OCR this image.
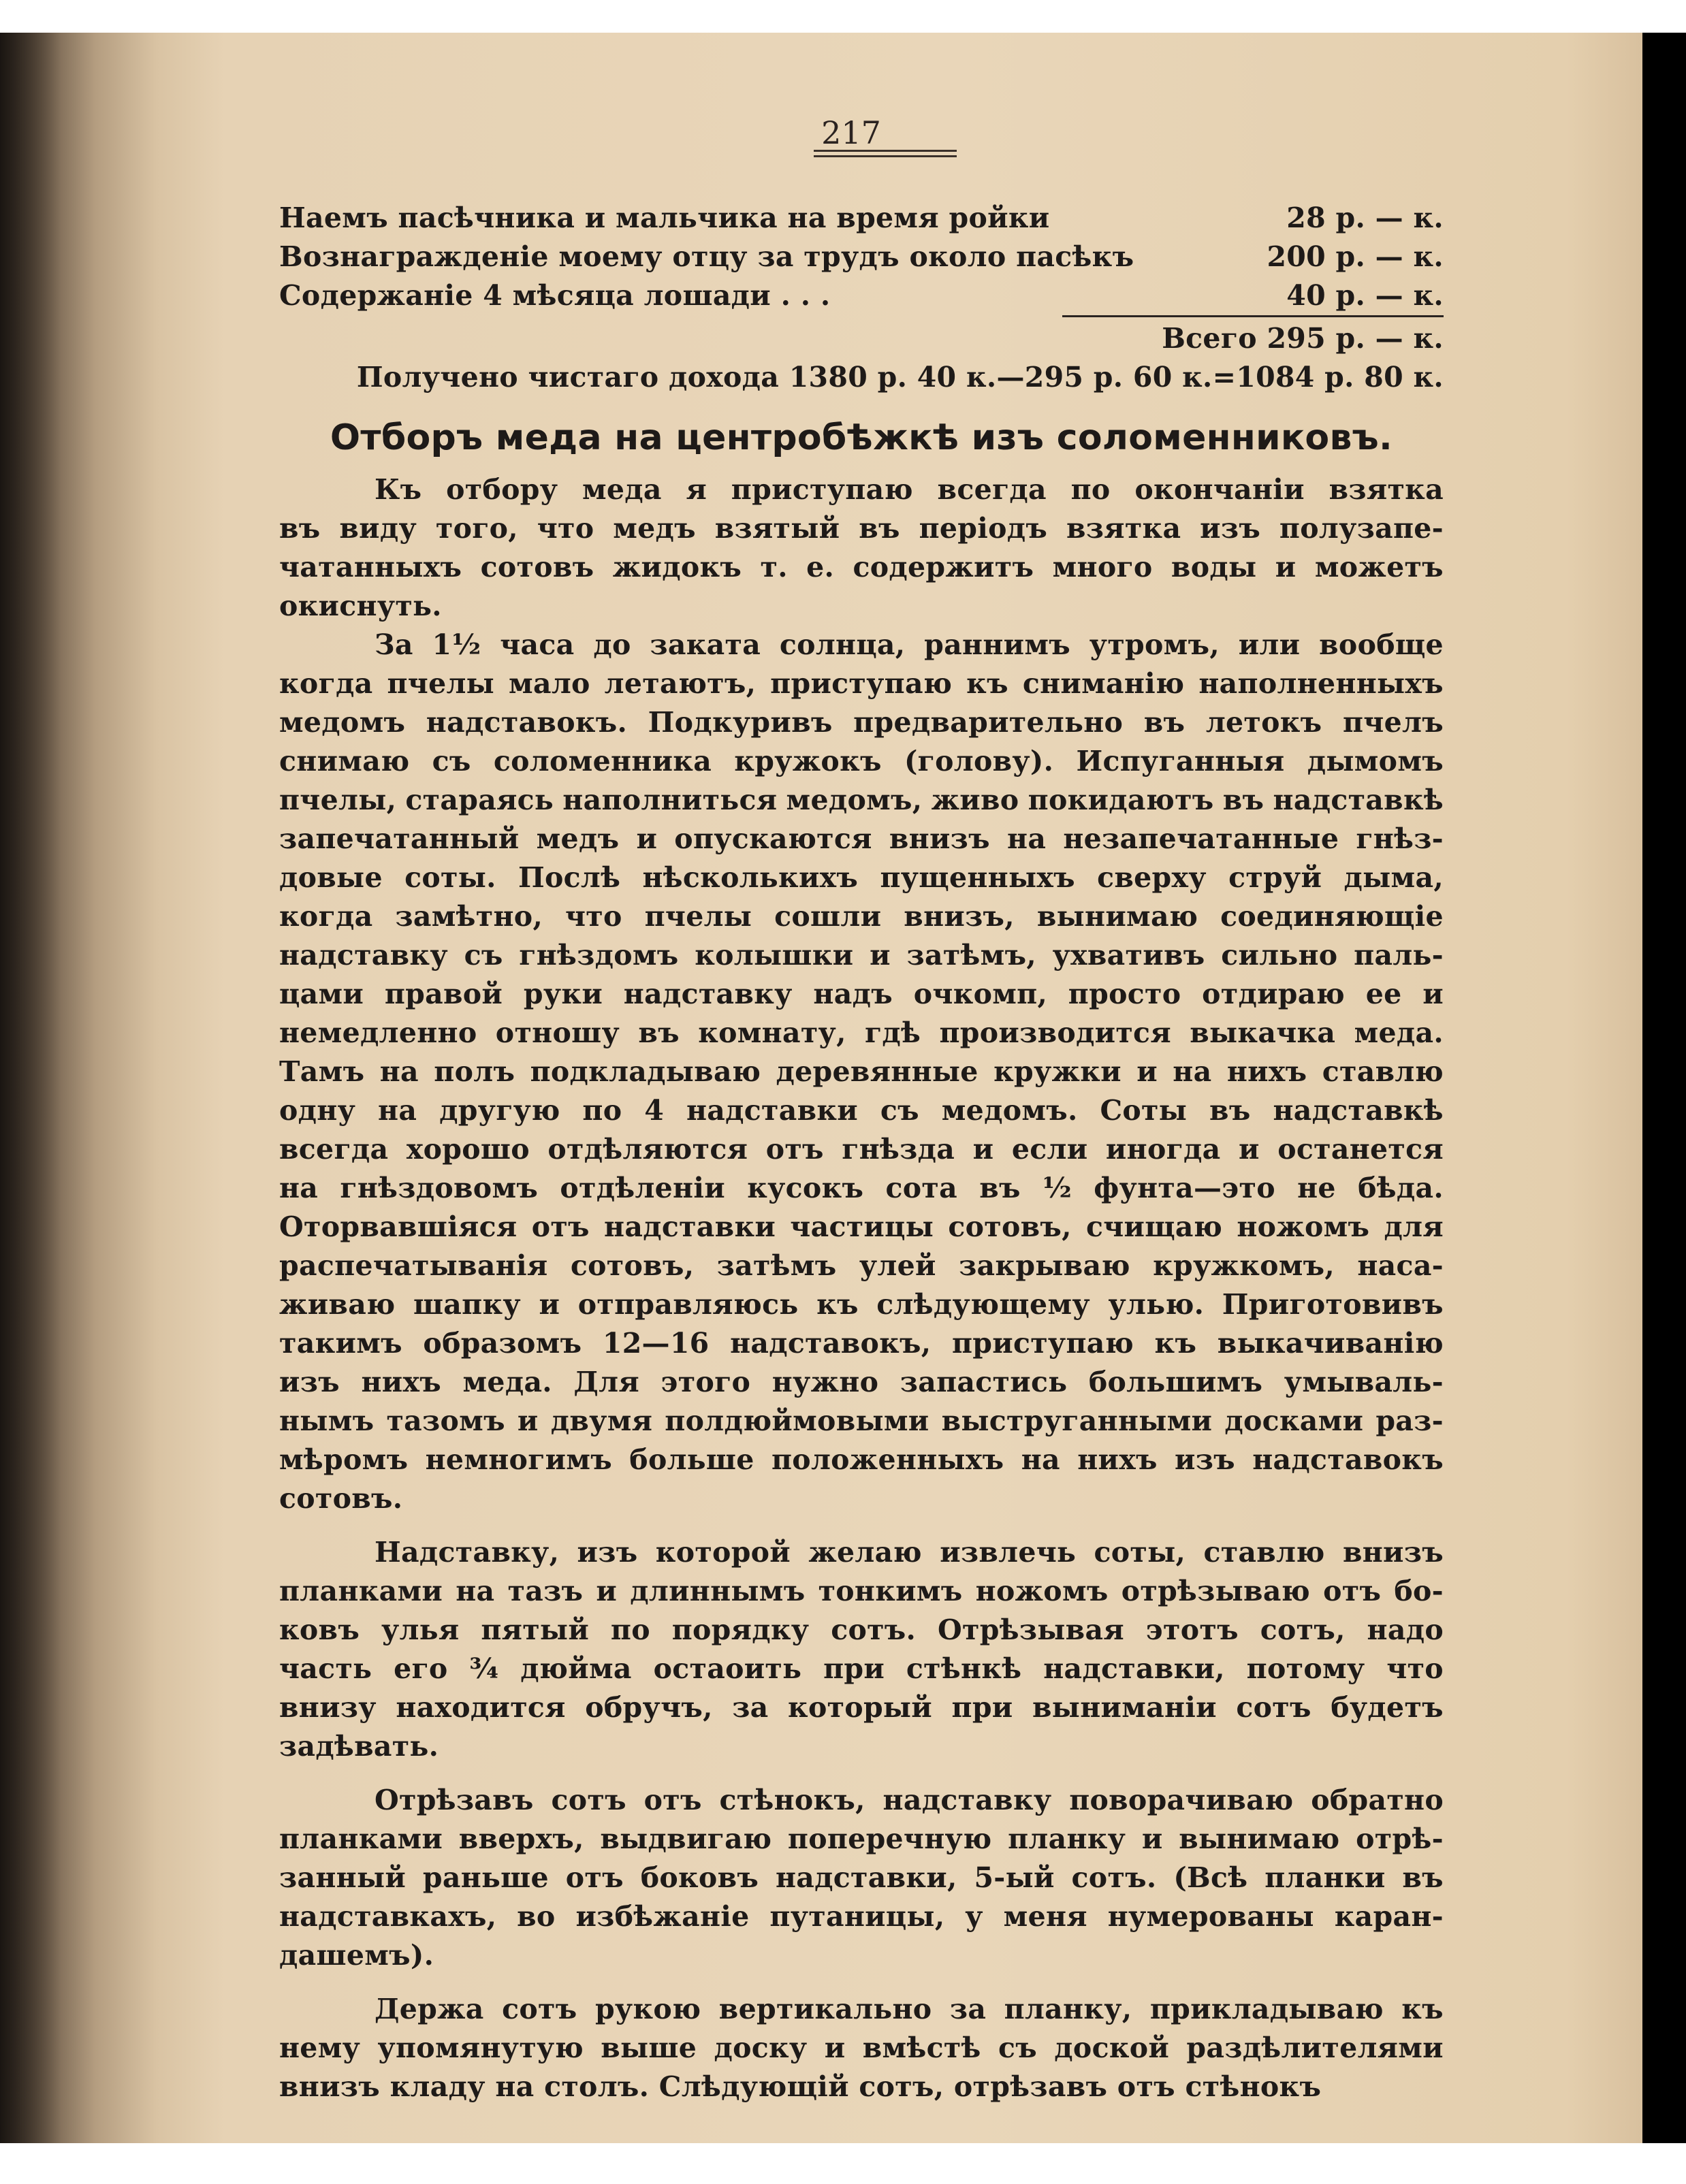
217
Наемъ пасѣчника и мальчика на время ройки	28 р. — к.
Вознагражденіе моему отцу за трудъ около пасѣкъ	200 р. — к.
Содержаніе 4 мѣсяца лошади . . .	40 р. — к.
Всего 295 р. — к.
Получено чистаго дохода 1380 р. 40 к.—295 р. 60 к.=1084 р. 80 к.
Отборъ меда на центробѣжкѣ изъ соломенниковъ.
Къ отбору меда я приступаю всегда по окончаніи взятка
въ виду того, что медъ взятый въ періодъ взятка изъ полузапе-
чатанныхъ сотовъ жидокъ т. е. содержитъ много воды и можетъ
окиснуть.
За 1½ часа до заката солнца, раннимъ утромъ, или вообще
когда пчелы мало летаютъ, приступаю къ сниманію наполненныхъ
медомъ надставокъ. Подкуривъ предварительно въ летокъ пчелъ
снимаю съ соломенника кружокъ (голову). Испуганныя дымомъ
пчелы, стараясь наполниться медомъ, живо покидаютъ въ надставкѣ
запечатанный медъ и опускаются внизъ на незапечатанные гнѣз-
довые соты. Послѣ нѣсколькихъ пущенныхъ сверху струй дыма,
когда замѣтно, что пчелы сошли внизъ, вынимаю соединяющіе
надставку съ гнѣздомъ колышки и затѣмъ, ухвативъ сильно паль-
цами правой руки надставку надъ очкомп, просто отдираю ее и
немедленно отношу въ комнату, гдѣ производится выкачка меда.
Тамъ на полъ подкладываю деревянные кружки и на нихъ ставлю
одну на другую по 4 надставки съ медомъ. Соты въ надставкѣ
всегда хорошо отдѣляются отъ гнѣзда и если иногда и останется
на гнѣздовомъ отдѣленіи кусокъ сота въ ½ фунта—это не бѣда.
Оторвавшіяся отъ надставки частицы сотовъ, счищаю ножомъ для
распечатыванія сотовъ, затѣмъ улей закрываю кружкомъ, наса-
живаю шапку и отправляюсь къ слѣдующему улью. Приготовивъ
такимъ образомъ 12—16 надставокъ, приступаю къ выкачиванію
изъ нихъ меда. Для этого нужно запастись большимъ умываль-
нымъ тазомъ и двумя полдюймовыми выструганными досками раз-
мѣромъ немногимъ больше положенныхъ на нихъ изъ надставокъ
сотовъ.
Надставку, изъ которой желаю извлечь соты, ставлю внизъ
планками на тазъ и длиннымъ тонкимъ ножомъ отрѣзываю отъ бо-
ковъ улья пятый по порядку сотъ. Отрѣзывая этотъ сотъ, надо
часть его ¾ дюйма остаоить при стѣнкѣ надставки, потому что
внизу находится обручъ, за который при выниманіи сотъ будетъ
задѣвать.
Отрѣзавъ сотъ отъ стѣнокъ, надставку поворачиваю обратно
планками вверхъ, выдвигаю поперечную планку и вынимаю отрѣ-
занный раньше отъ боковъ надставки, 5-ый сотъ. (Всѣ планки въ
надставкахъ, во избѣжаніе путаницы, у меня нумерованы каран-
дашемъ).
Держа сотъ рукою вертикально за планку, прикладываю къ
нему упомянутую выше доску и вмѣстѣ съ доской раздѣлителями
внизъ кладу на столъ. Слѣдующій сотъ, отрѣзавъ отъ стѣнокъ
